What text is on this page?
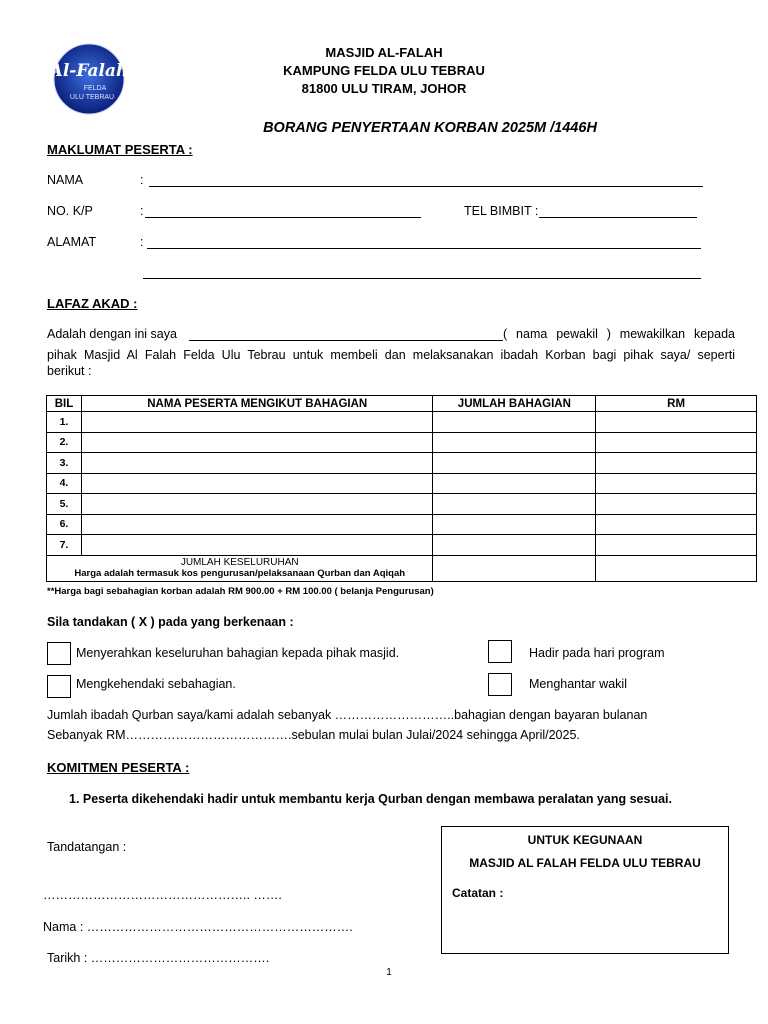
Al-Falah
FELDA
ULU TEBRAU
MASJID AL-FALAH
KAMPUNG FELDA ULU TEBRAU
81800 ULU TIRAM, JOHOR
BORANG PENYERTAAN KORBAN 2025M /1446H
MAKLUMAT PESERTA :
NAMA	:
NO. K/P	:	TEL BIMBIT :
ALAMAT	:
LAFAZ AKAD :
Adalah dengan ini saya	( nama pewakil ) mewakilkan kepada
pihak Masjid Al Falah Felda Ulu Tebrau untuk membeli dan melaksanakan ibadah Korban bagi pihak saya/ seperti
berikut :
BIL	NAMA PESERTA MENGIKUT BAHAGIAN	JUMLAH BAHAGIAN	RM
1.			
2.			
3.			
4.			
5.			
6.			
7.			

JUMLAH KESELURUHAN
Harga adalah termasuk kos pengurusan/pelaksanaan Qurban dan Aqiqah			

**Harga bagi sebahagian korban adalah RM 900.00 + RM 100.00 ( belanja Pengurusan)
Sila tandakan ( X ) pada yang berkenaan :
Menyerahkan keseluruhan bahagian kepada pihak masjid.	Hadir pada hari program
Mengkehendaki sebahagian.	Menghantar wakil
Jumlah ibadah Qurban saya/kami adalah sebanyak ………………………..bahagian dengan bayaran bulanan
Sebanyak RM………………………………….sebulan mulai bulan Julai/2024 sehingga April/2025.
KOMITMEN PESERTA :
1. Peserta dikehendaki hadir untuk membantu kerja Qurban dengan membawa peralatan yang sesuai.
Tandatangan :
………………………………………….. …….
Nama : ……………………………………………………….
Tarikh : …………………………………….
UNTUK KEGUNAAN
MASJID AL FALAH FELDA ULU TEBRAU
Catatan :
1
